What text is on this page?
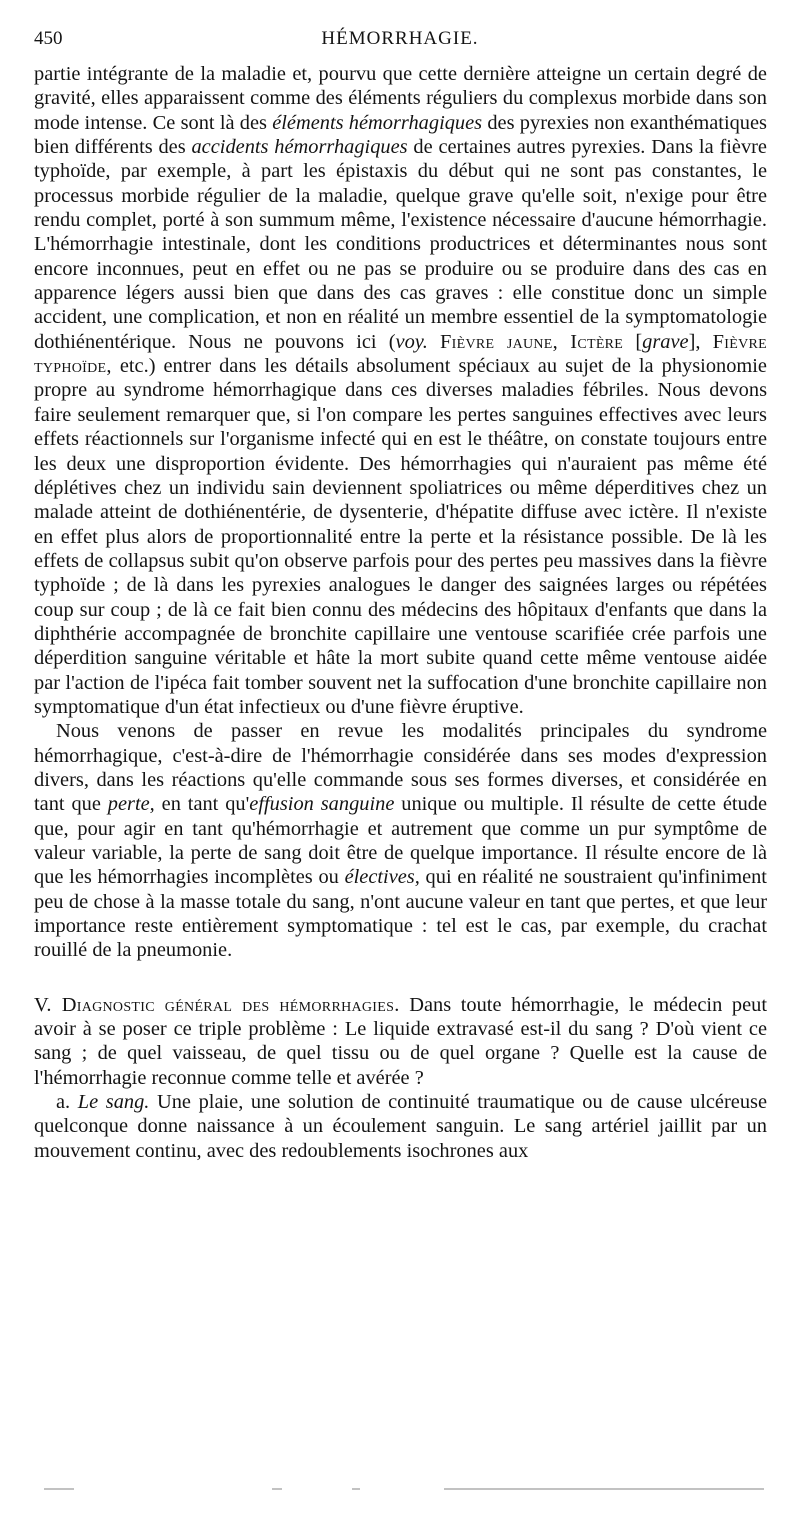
450	HÉMORRHAGIE.

partie intégrante de la maladie et, pourvu que cette dernière atteigne un certain degré de gravité, elles apparaissent comme des éléments réguliers du complexus morbide dans son mode intense. Ce sont là des éléments hémorrhagiques des pyrexies non exanthématiques bien différents des accidents hémorrhagiques de certaines autres pyrexies. Dans la fièvre typhoïde, par exemple, à part les épistaxis du début qui ne sont pas constantes, le processus morbide régulier de la maladie, quelque grave qu'elle soit, n'exige pour être rendu complet, porté à son summum même, l'existence nécessaire d'aucune hémorrhagie. L'hémorrhagie intestinale, dont les conditions productrices et déterminantes nous sont encore inconnues, peut en effet ou ne pas se produire ou se produire dans des cas en apparence légers aussi bien que dans des cas graves : elle constitue donc un simple accident, une complication, et non en réalité un membre essentiel de la symptomatologie dothiénentérique. Nous ne pouvons ici (voy. Fièvre jaune, Ictère [grave], Fièvre typhoïde, etc.) entrer dans les détails absolument spéciaux au sujet de la physionomie propre au syndrome hémorrhagique dans ces diverses maladies fébriles. Nous devons faire seulement remarquer que, si l'on compare les pertes sanguines effectives avec leurs effets réactionnels sur l'organisme infecté qui en est le théâtre, on constate toujours entre les deux une disproportion évidente. Des hémorrhagies qui n'auraient pas même été déplétives chez un individu sain deviennent spoliatrices ou même déperditives chez un malade atteint de dothiénentérie, de dysenterie, d'hépatite diffuse avec ictère. Il n'existe en effet plus alors de proportionnalité entre la perte et la résistance possible. De là les effets de collapsus subit qu'on observe parfois pour des pertes peu massives dans la fièvre typhoïde ; de là dans les pyrexies analogues le danger des saignées larges ou répétées coup sur coup ; de là ce fait bien connu des médecins des hôpitaux d'enfants que dans la diphthérie accompagnée de bronchite capillaire une ventouse scarifiée crée parfois une déperdition sanguine véritable et hâte la mort subite quand cette même ventouse aidée par l'action de l'ipéca fait tomber souvent net la suffocation d'une bronchite capillaire non symptomatique d'un état infectieux ou d'une fièvre éruptive.

Nous venons de passer en revue les modalités principales du syndrome hémorrhagique, c'est-à-dire de l'hémorrhagie considérée dans ses modes d'expression divers, dans les réactions qu'elle commande sous ses formes diverses, et considérée en tant que perte, en tant qu'effusion sanguine unique ou multiple. Il résulte de cette étude que, pour agir en tant qu'hémorrhagie et autrement que comme un pur symptôme de valeur variable, la perte de sang doit être de quelque importance. Il résulte encore de là que les hémorrhagies incomplètes ou électives, qui en réalité ne soustraient qu'infiniment peu de chose à la masse totale du sang, n'ont aucune valeur en tant que pertes, et que leur importance reste entièrement symptomatique : tel est le cas, par exemple, du crachat rouillé de la pneumonie.

V. Diagnostic général des hémorrhagies. Dans toute hémorrhagie, le médecin peut avoir à se poser ce triple problème : Le liquide extravasé est-il du sang ? D'où vient ce sang ; de quel vaisseau, de quel tissu ou de quel organe ? Quelle est la cause de l'hémorrhagie reconnue comme telle et avérée ?

a. Le sang. Une plaie, une solution de continuité traumatique ou de cause ulcéreuse quelconque donne naissance à un écoulement sanguin. Le sang artériel jaillit par un mouvement continu, avec des redoublements isochrones aux
